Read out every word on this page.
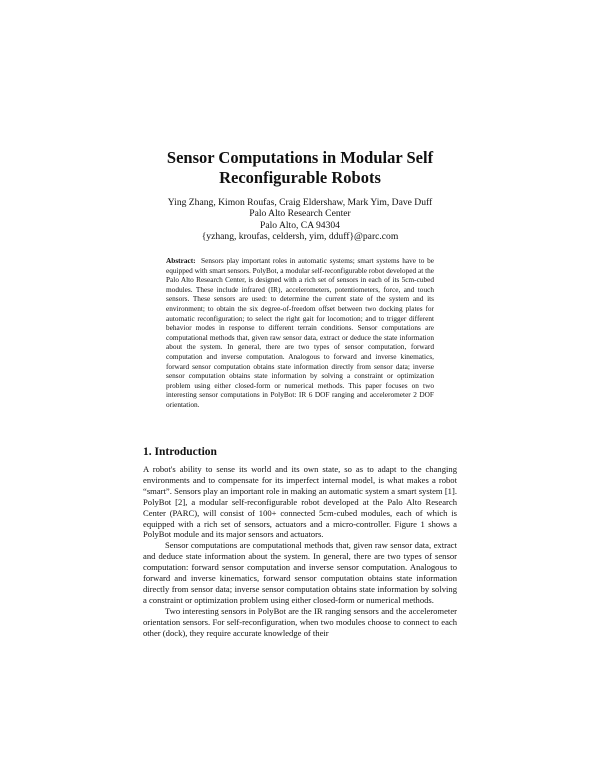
Sensor Computations in Modular Self
Reconfigurable Robots
Ying Zhang, Kimon Roufas, Craig Eldershaw, Mark Yim, Dave Duff
Palo Alto Research Center
Palo Alto, CA 94304
{yzhang, kroufas, celdersh, yim, dduff}@parc.com

Abstract: Sensors play important roles in automatic systems; smart systems have to be equipped with smart sensors. PolyBot, a modular self-reconfigurable robot developed at the Palo Alto Research Center, is designed with a rich set of sensors in each of its 5cm-cubed modules. These include infrared (IR), accelerometers, potentiometers, force, and touch sensors. These sensors are used: to determine the current state of the system and its environment; to obtain the six degree-of-freedom offset between two docking plates for automatic reconfiguration; to select the right gait for locomotion; and to trigger different behavior modes in response to different terrain conditions. Sensor computations are computational methods that, given raw sensor data, extract or deduce the state information about the system. In general, there are two types of sensor computation, forward computation and inverse computation. Analogous to forward and inverse kinematics, forward sensor computation obtains state information directly from sensor data; inverse sensor computation obtains state information by solving a constraint or optimization problem using either closed-form or numerical methods. This paper focuses on two interesting sensor computations in PolyBot: IR 6 DOF ranging and accelerometer 2 DOF orientation.

1. Introduction

A robot's ability to sense its world and its own state, so as to adapt to the changing environments and to compensate for its imperfect internal model, is what makes a robot “smart”. Sensors play an important role in making an automatic system a smart system [1]. PolyBot [2], a modular self-reconfigurable robot developed at the Palo Alto Research Center (PARC), will consist of 100+ connected 5cm-cubed modules, each of which is equipped with a rich set of sensors, actuators and a micro-controller. Figure 1 shows a PolyBot module and its major sensors and actuators.

Sensor computations are computational methods that, given raw sensor data, extract and deduce state information about the system. In general, there are two types of sensor computation: forward sensor computation and inverse sensor computation. Analogous to forward and inverse kinematics, forward sensor computation obtains state information directly from sensor data; inverse sensor computation obtains state information by solving a constraint or optimization problem using either closed-form or numerical methods.

Two interesting sensors in PolyBot are the IR ranging sensors and the accelerometer orientation sensors. For self-reconfiguration, when two modules choose to connect to each other (dock), they require accurate knowledge of their
